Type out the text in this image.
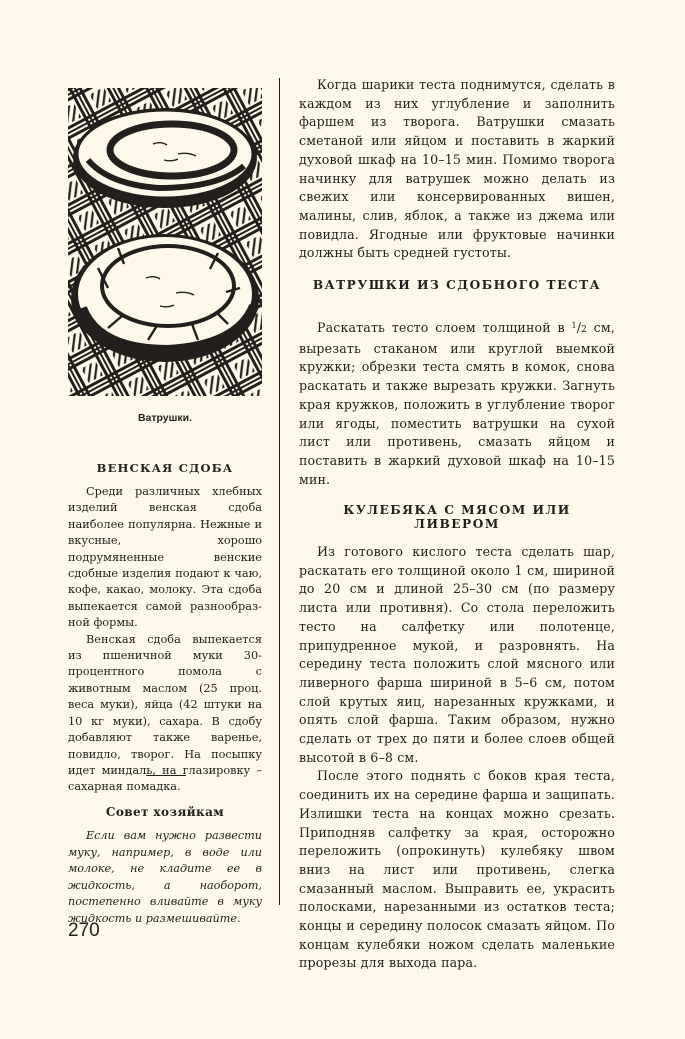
Ватрушки.
ВЕНСКАЯ СДОБА

Среди различных хлебных изделий венская сдоба наиболее популярна. Нежные и вкусные, хорошо подрумяненные венские сдобные изделия подают к чаю, кофе, какао, молоку. Эта сдоба выпекается самой разнообразной формы.

Венская сдоба выпекается из пшеничной муки 30-процентного помола с животным маслом (25 проц. веса муки), яйца (42 штуки на 10 кг муки), сахара. В сдобу добавляют также варенье, повидло, творог. На посыпку идет миндаль, на глазировку – сахарная помадка.

Совет хозяйкам

Если вам нужно развести муку, например, в воде или молоке, не кладите ее в жидкость, а наоборот, постепенно вливайте в муку жидкость и размешивайте.

270

Когда шарики теста поднимутся, сделать в каждом из них углубление и заполнить фаршем из творога. Ватрушки смазать сметаной или яйцом и поставить в жаркий духовой шкаф на 10–15 мин. Помимо творога начинку для ватрушек можно делать из свежих или консервированных вишен, малины, слив, яблок, а также из джема или повидла. Ягодные или фруктовые начинки должны быть средней густоты.

ВАТРУШКИ ИЗ СДОБНОГО ТЕСТА

Раскатать тесто слоем толщиной в $^1$/2 см, вырезать стаканом или круглой выемкой кружки; обрезки теста смять в комок, снова раскатать и также вырезать кружки. Загнуть края кружков, положить в углубление творог или ягоды, поместить ватрушки на сухой лист или противень, смазать яйцом и поставить в жаркий духовой шкаф на 10–15 мин.

КУЛЕБЯКА С МЯСОМ ИЛИ ЛИВЕРОМ

Из готового кислого теста сделать шар, раскатать его толщиной около 1 см, шириной до 20 см и длиной 25–30 см (по размеру листа или противня). Со стола переложить тесто на салфетку или полотенце, припудренное мукой, и разровнять. На середину теста положить слой мясного или ливерного фарша шириной в 5–6 см, потом слой крутых яиц, нарезанных кружками, и опять слой фарша. Таким образом, нужно сделать от трех до пяти и более слоев общей высотой в 6–8 см.

После этого поднять с боков края теста, соединить их на середине фарша и защипать. Излишки теста на концах можно срезать. Приподняв салфетку за края, осторожно переложить (опрокинуть) кулебяку швом вниз на лист или противень, слегка смазанный маслом. Выправить ее, украсить полосками, нарезанными из остатков теста; концы и середину полосок смазать яйцом. По концам кулебяки ножом сделать маленькие прорезы для выхода пара.
